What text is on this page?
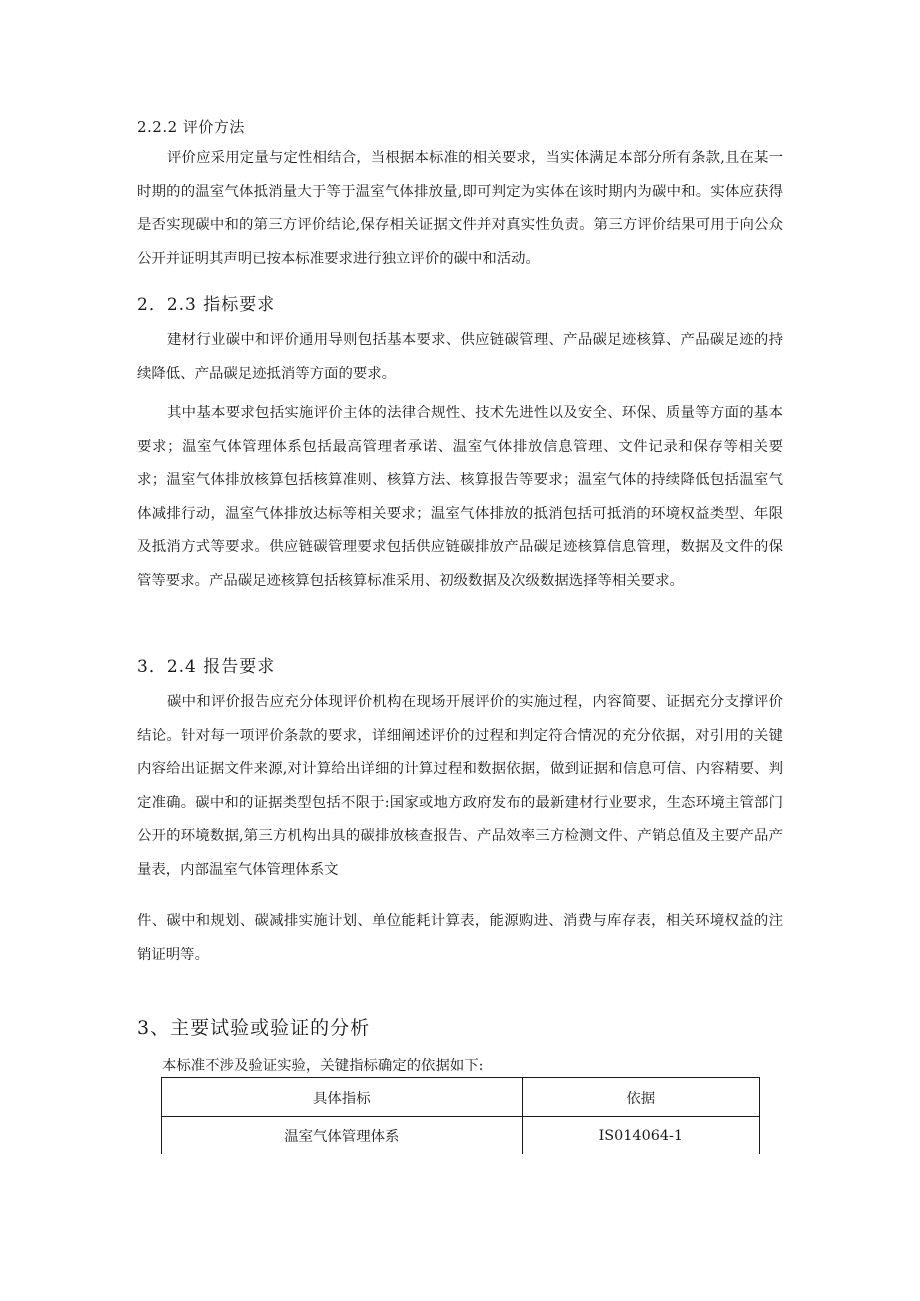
2.2.2 评价方法

评价应采用定量与定性相结合，当根据本标准的相关要求，当实体满足本部分所有条款,且在某一时期的的温室气体抵消量大于等于温室气体排放量,即可判定为实体在该时期内为碳中和。实体应获得是否实现碳中和的第三方评价结论,保存相关证据文件并对真实性负责。第三方评价结果可用于向公众公开并证明其声明已按本标准要求进行独立评价的碳中和活动。

2．2.3 指标要求

建材行业碳中和评价通用导则包括基本要求、供应链碳管理、产品碳足迹核算、产品碳足迹的持续降低、产品碳足迹抵消等方面的要求。

其中基本要求包括实施评价主体的法律合规性、技术先进性以及安全、环保、质量等方面的基本要求；温室气体管理体系包括最高管理者承诺、温室气体排放信息管理、文件记录和保存等相关要求；温室气体排放核算包括核算准则、核算方法、核算报告等要求；温室气体的持续降低包括温室气体减排行动，温室气体排放达标等相关要求；温室气体排放的抵消包括可抵消的环境权益类型、年限及抵消方式等要求。供应链碳管理要求包括供应链碳排放产品碳足迹核算信息管理，数据及文件的保管等要求。产品碳足迹核算包括核算标准采用、初级数据及次级数据选择等相关要求。

3．2.4 报告要求

碳中和评价报告应充分体现评价机构在现场开展评价的实施过程，内容简要、证据充分支撑评价结论。针对每一项评价条款的要求，详细阐述评价的过程和判定符合情况的充分依据，对引用的关键内容给出证据文件来源,对计算给出详细的计算过程和数据依据，做到证据和信息可信、内容精要、判定准确。碳中和的证据类型包括不限于:国家或地方政府发布的最新建材行业要求，生态环境主管部门公开的环境数据,第三方机构出具的碳排放核查报告、产品效率三方检测文件、产销总值及主要产品产量表，内部温室气体管理体系文

件、碳中和规划、碳减排实施计划、单位能耗计算表，能源购进、消费与库存表，相关环境权益的注销证明等。

3、主要试验或验证的分析
本标准不涉及验证实验，关键指标确定的依据如下:
具体指标	依据
温室气体管理体系	IS014064-1
